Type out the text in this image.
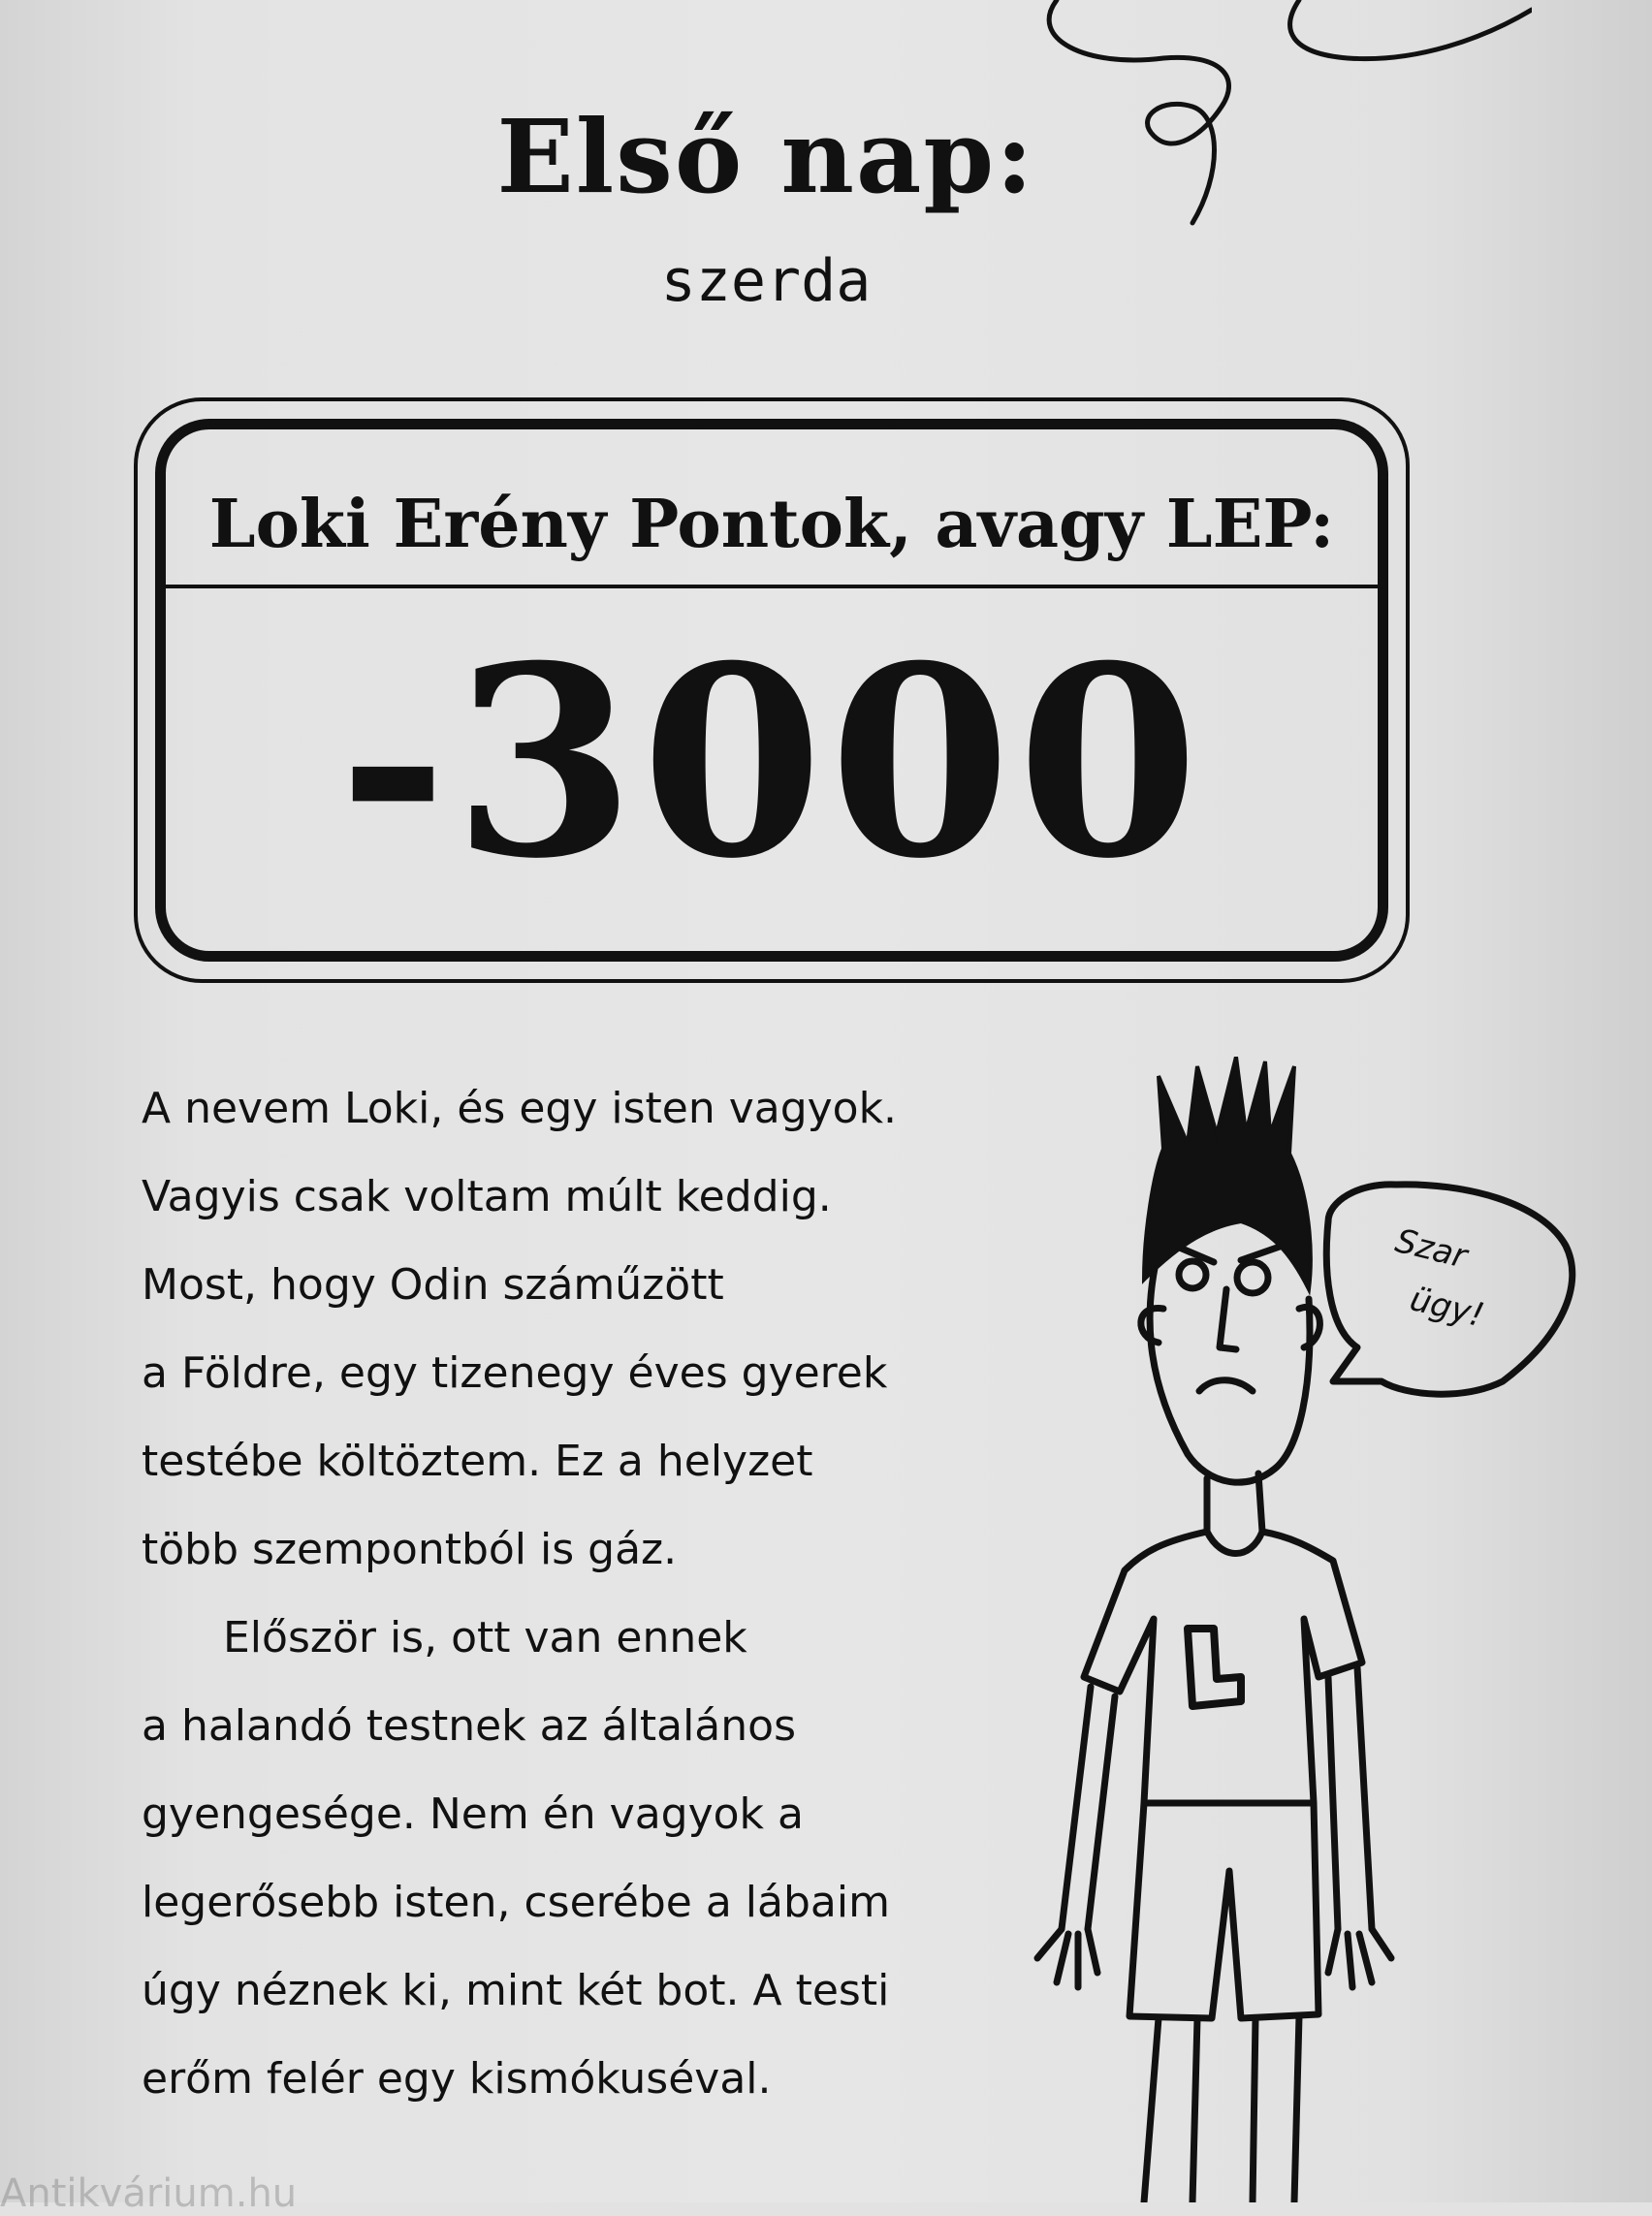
Első nap:
szerda
Loki Erény Pontok, avagy LEP:
-3000

A nevem Loki, és egy isten vagyok.

Vagyis csak voltam múlt keddig.

Most, hogy Odin száműzött

a Földre, egy tizenegy éves gyerek

testébe költöztem. Ez a helyzet

több szempontból is gáz.

Először is, ott van ennek

a halandó testnek az általános

gyengesége. Nem én vagyok a

legerősebb isten, cserébe a lábaim

úgy néznek ki, mint két bot. A testi

erőm felér egy kismókuséval.

Szar
ügy!
Antikvárium.hu
